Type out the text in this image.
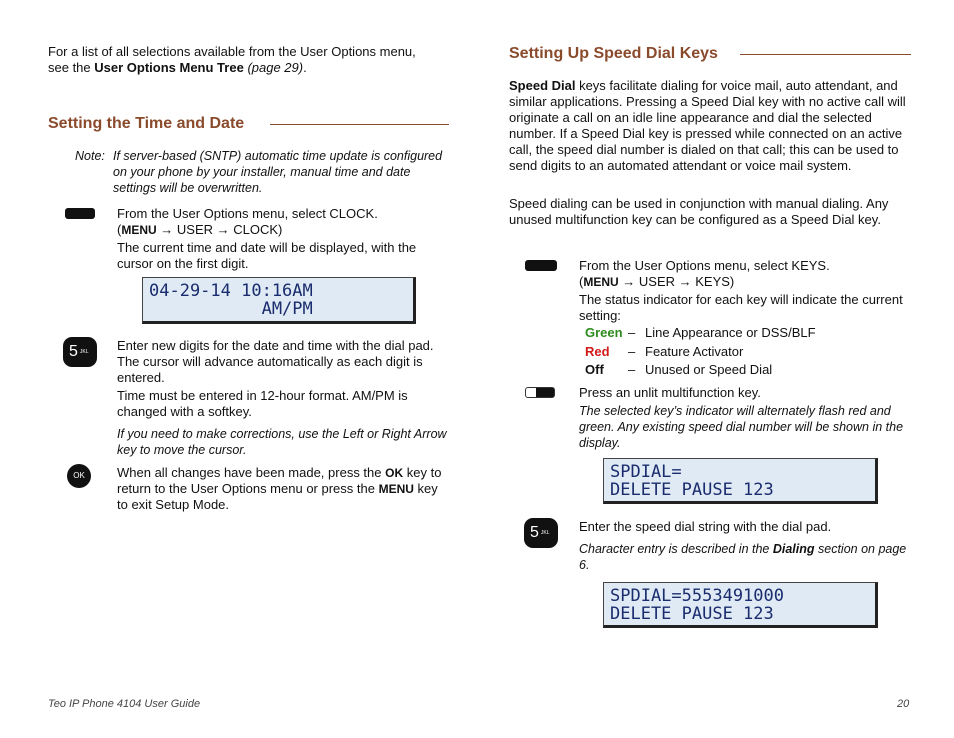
For a list of all selections available from the User Options menu, see the User Options Menu Tree (page 29).
Setting the Time and Date
Note: If server-based (SNTP) automatic time update is configured on your phone by your installer, manual time and date settings will be overwritten.
From the User Options menu, select CLOCK.
(MENU → USER → CLOCK)
The current time and date will be displayed, with the cursor on the first digit.
04-29-14 10:16AM
AM/PM
5 JKL	Enter new digits for the date and time with the dial pad. The cursor will advance automatically as each digit is entered.
Time must be entered in 12-hour format. AM/PM is changed with a softkey.
If you need to make corrections, use the Left or Right Arrow key to move the cursor.
OK	When all changes have been made, press the OK key to return to the User Options menu or press the MENU key to exit Setup Mode.
Setting Up Speed Dial Keys
Speed Dial keys facilitate dialing for voice mail, auto attendant, and similar applications. Pressing a Speed Dial key with no active call will originate a call on an idle line appearance and dial the selected number. If a Speed Dial key is pressed while connected on an active call, the speed dial number is dialed on that call; this can be used to send digits to an automated attendant or voice mail system.
Speed dialing can be used in conjunction with manual dialing. Any unused multifunction key can be configured as a Speed Dial key.
From the User Options menu, select KEYS.
(MENU → USER → KEYS)
The status indicator for each key will indicate the current setting:
Green – Line Appearance or DSS/BLF
Red – Feature Activator
Off – Unused or Speed Dial
Press an unlit multifunction key.
The selected key’s indicator will alternately flash red and green. Any existing speed dial number will be shown in the display.
SPDIAL=
DELETE PAUSE 123
5 JKL	Enter the speed dial string with the dial pad.
Character entry is described in the Dialing section on page 6.
SPDIAL=5553491000
DELETE PAUSE 123
Teo IP Phone 4104 User Guide	20
